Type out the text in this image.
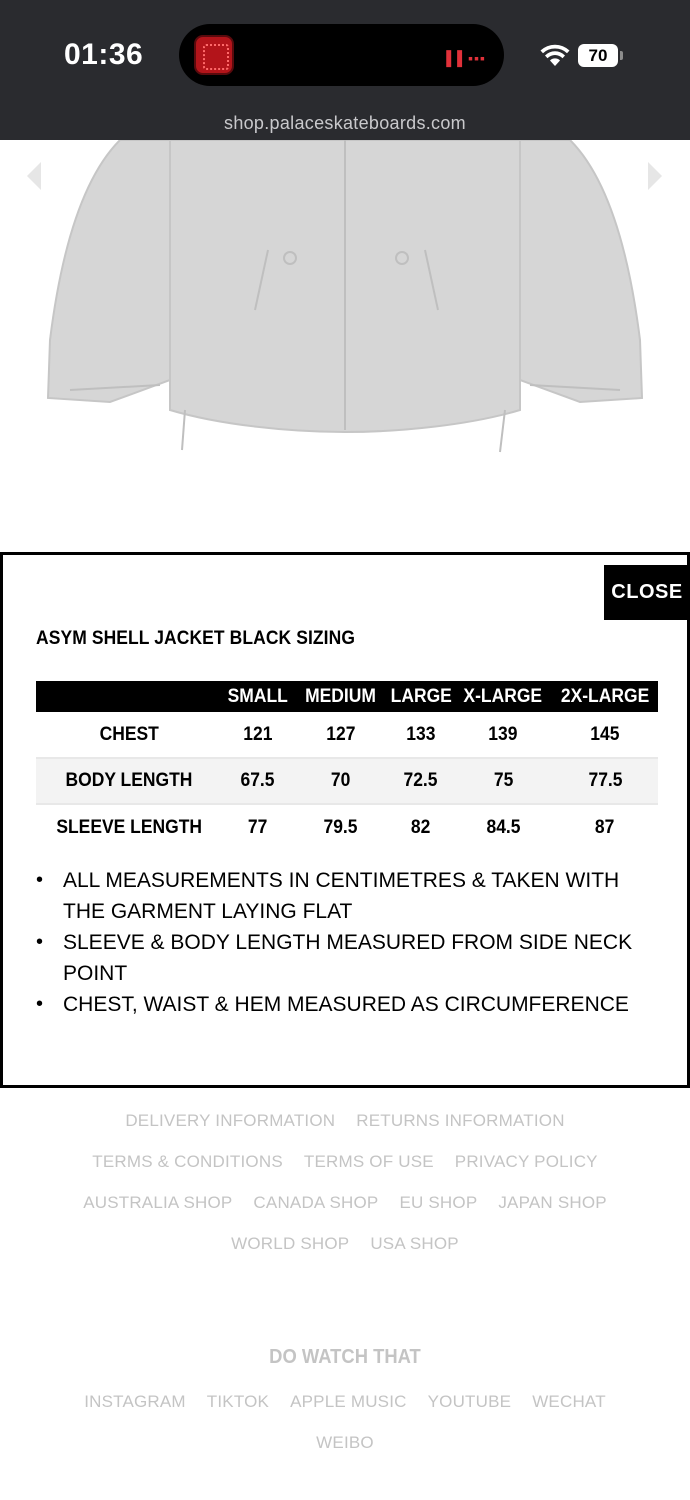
01:36	▌▌▪▪▪	70
shop.palaceskateboards.com
CLOSE
ASYM SHELL JACKET BLACK SIZING
	SMALL	MEDIUM	LARGE	X-LARGE	2X-LARGE
CHEST	121	127	133	139	145
BODY LENGTH	67.5	70	72.5	75	77.5
SLEEVE LENGTH	77	79.5	82	84.5	87
• ALL MEASUREMENTS IN CENTIMETRES & TAKEN WITH THE GARMENT LAYING FLAT
• SLEEVE & BODY LENGTH MEASURED FROM SIDE NECK POINT
• CHEST, WAIST & HEM MEASURED AS CIRCUMFERENCE
DELIVERY INFORMATION RETURNS INFORMATION
TERMS & CONDITIONS TERMS OF USE PRIVACY POLICY
AUSTRALIA SHOP CANADA SHOP EU SHOP JAPAN SHOP
WORLD SHOP USA SHOP
DO WATCH THAT
INSTAGRAM TIKTOK APPLE MUSIC YOUTUBE WECHAT
WEIBO
